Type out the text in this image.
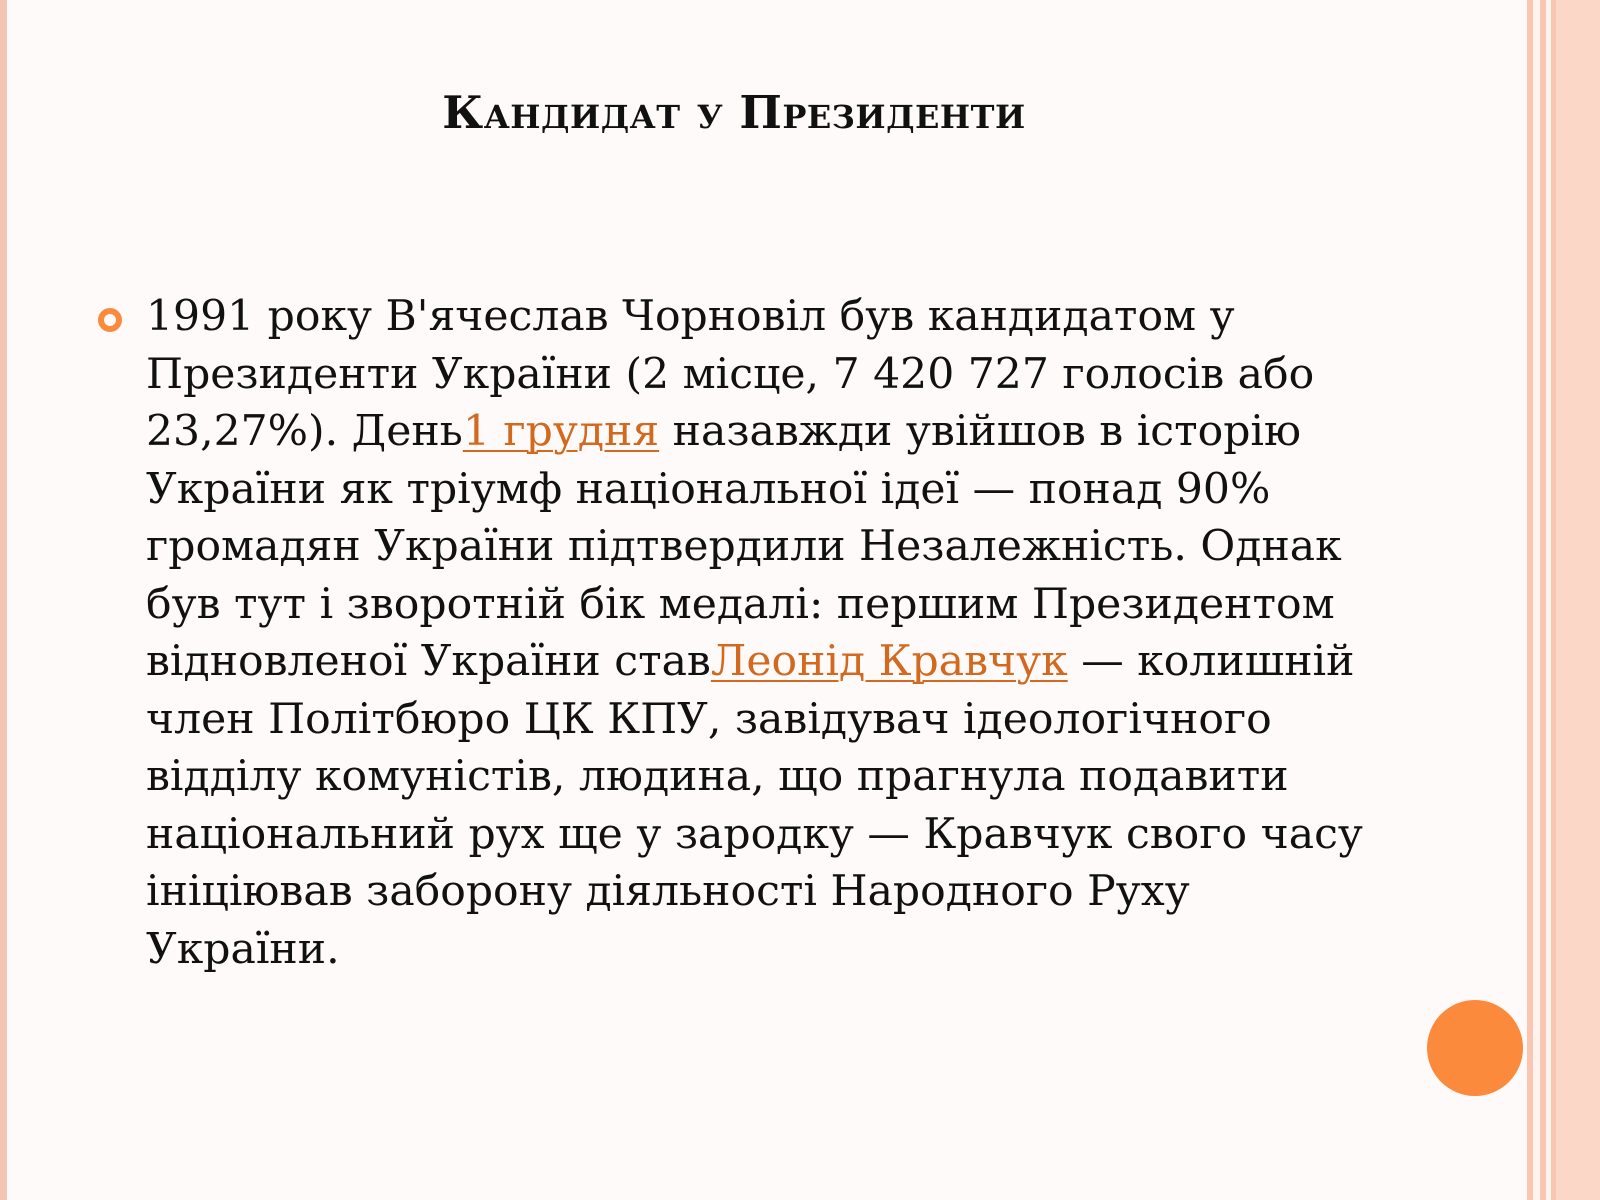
Кандидат у Президенти

1991 року В'ячеслав Чорновіл був кандидатом у Президенти України (2 місце, 7 420 727 голосів або 23,27%). День1 грудня назавжди увійшов в історію України як тріумф національної ідеї — понад 90% громадян України підтвердили Незалежність. Однак був тут і зворотній бік медалі: першим Президентом відновленої України ставЛеонід Кравчук — колишній член Політбюро ЦК КПУ, завідувач ідеологічного відділу комуністів, людина, що прагнула подавити національний рух ще у зародку — Кравчук свого часу ініціював заборону діяльності Народного Руху України.
